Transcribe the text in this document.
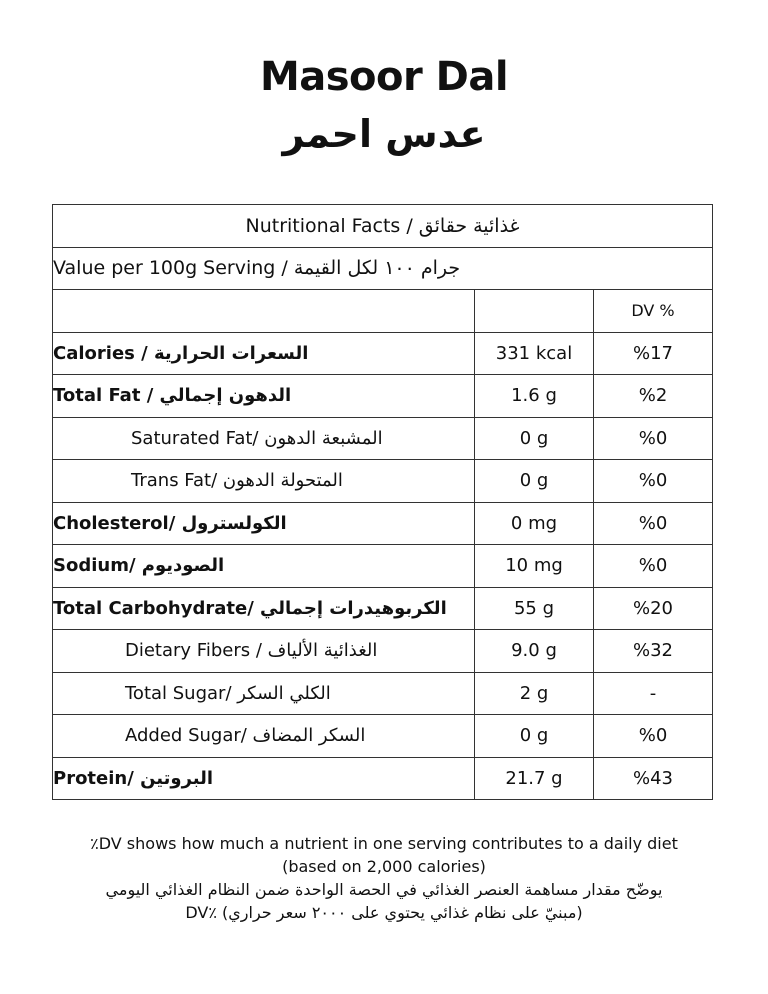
Masoor Dal
عدس احمر
Nutritional Facts / غذائية حقائق		
Value per 100g Serving / جرام ١٠٠ لكل القيمة		
		DV %
Calories / السعرات الحرارية	331 kcal	%17
Total Fat / الدهون إجمالي	1.6 g	%2
Saturated Fat/ المشبعة الدهون	0 g	%0
Trans Fat/ المتحولة الدهون	0 g	%0
Cholesterol/ الكولسترول	0 mg	%0
Sodium/ الصوديوم	10 mg	%0
Total Carbohydrate/ الكربوهيدرات إجمالي	55 g	%20
Dietary Fibers / الغذائية الألياف	9.0 g	%32
Total Sugar/ الكلي السكر	2 g	-
Added Sugar/ السكر المضاف	0 g	%0
Protein/ البروتين	21.7 g	%43
٪DV shows how much a nutrient in one serving contributes to a daily diet
(based on 2,000 calories)
يوضّح مقدار مساهمة العنصر الغذائي في الحصة الواحدة ضمن النظام الغذائي اليومي
(مبنيّ على نظام غذائي يحتوي على ٢٠٠٠ سعر حراري) ٪DV
